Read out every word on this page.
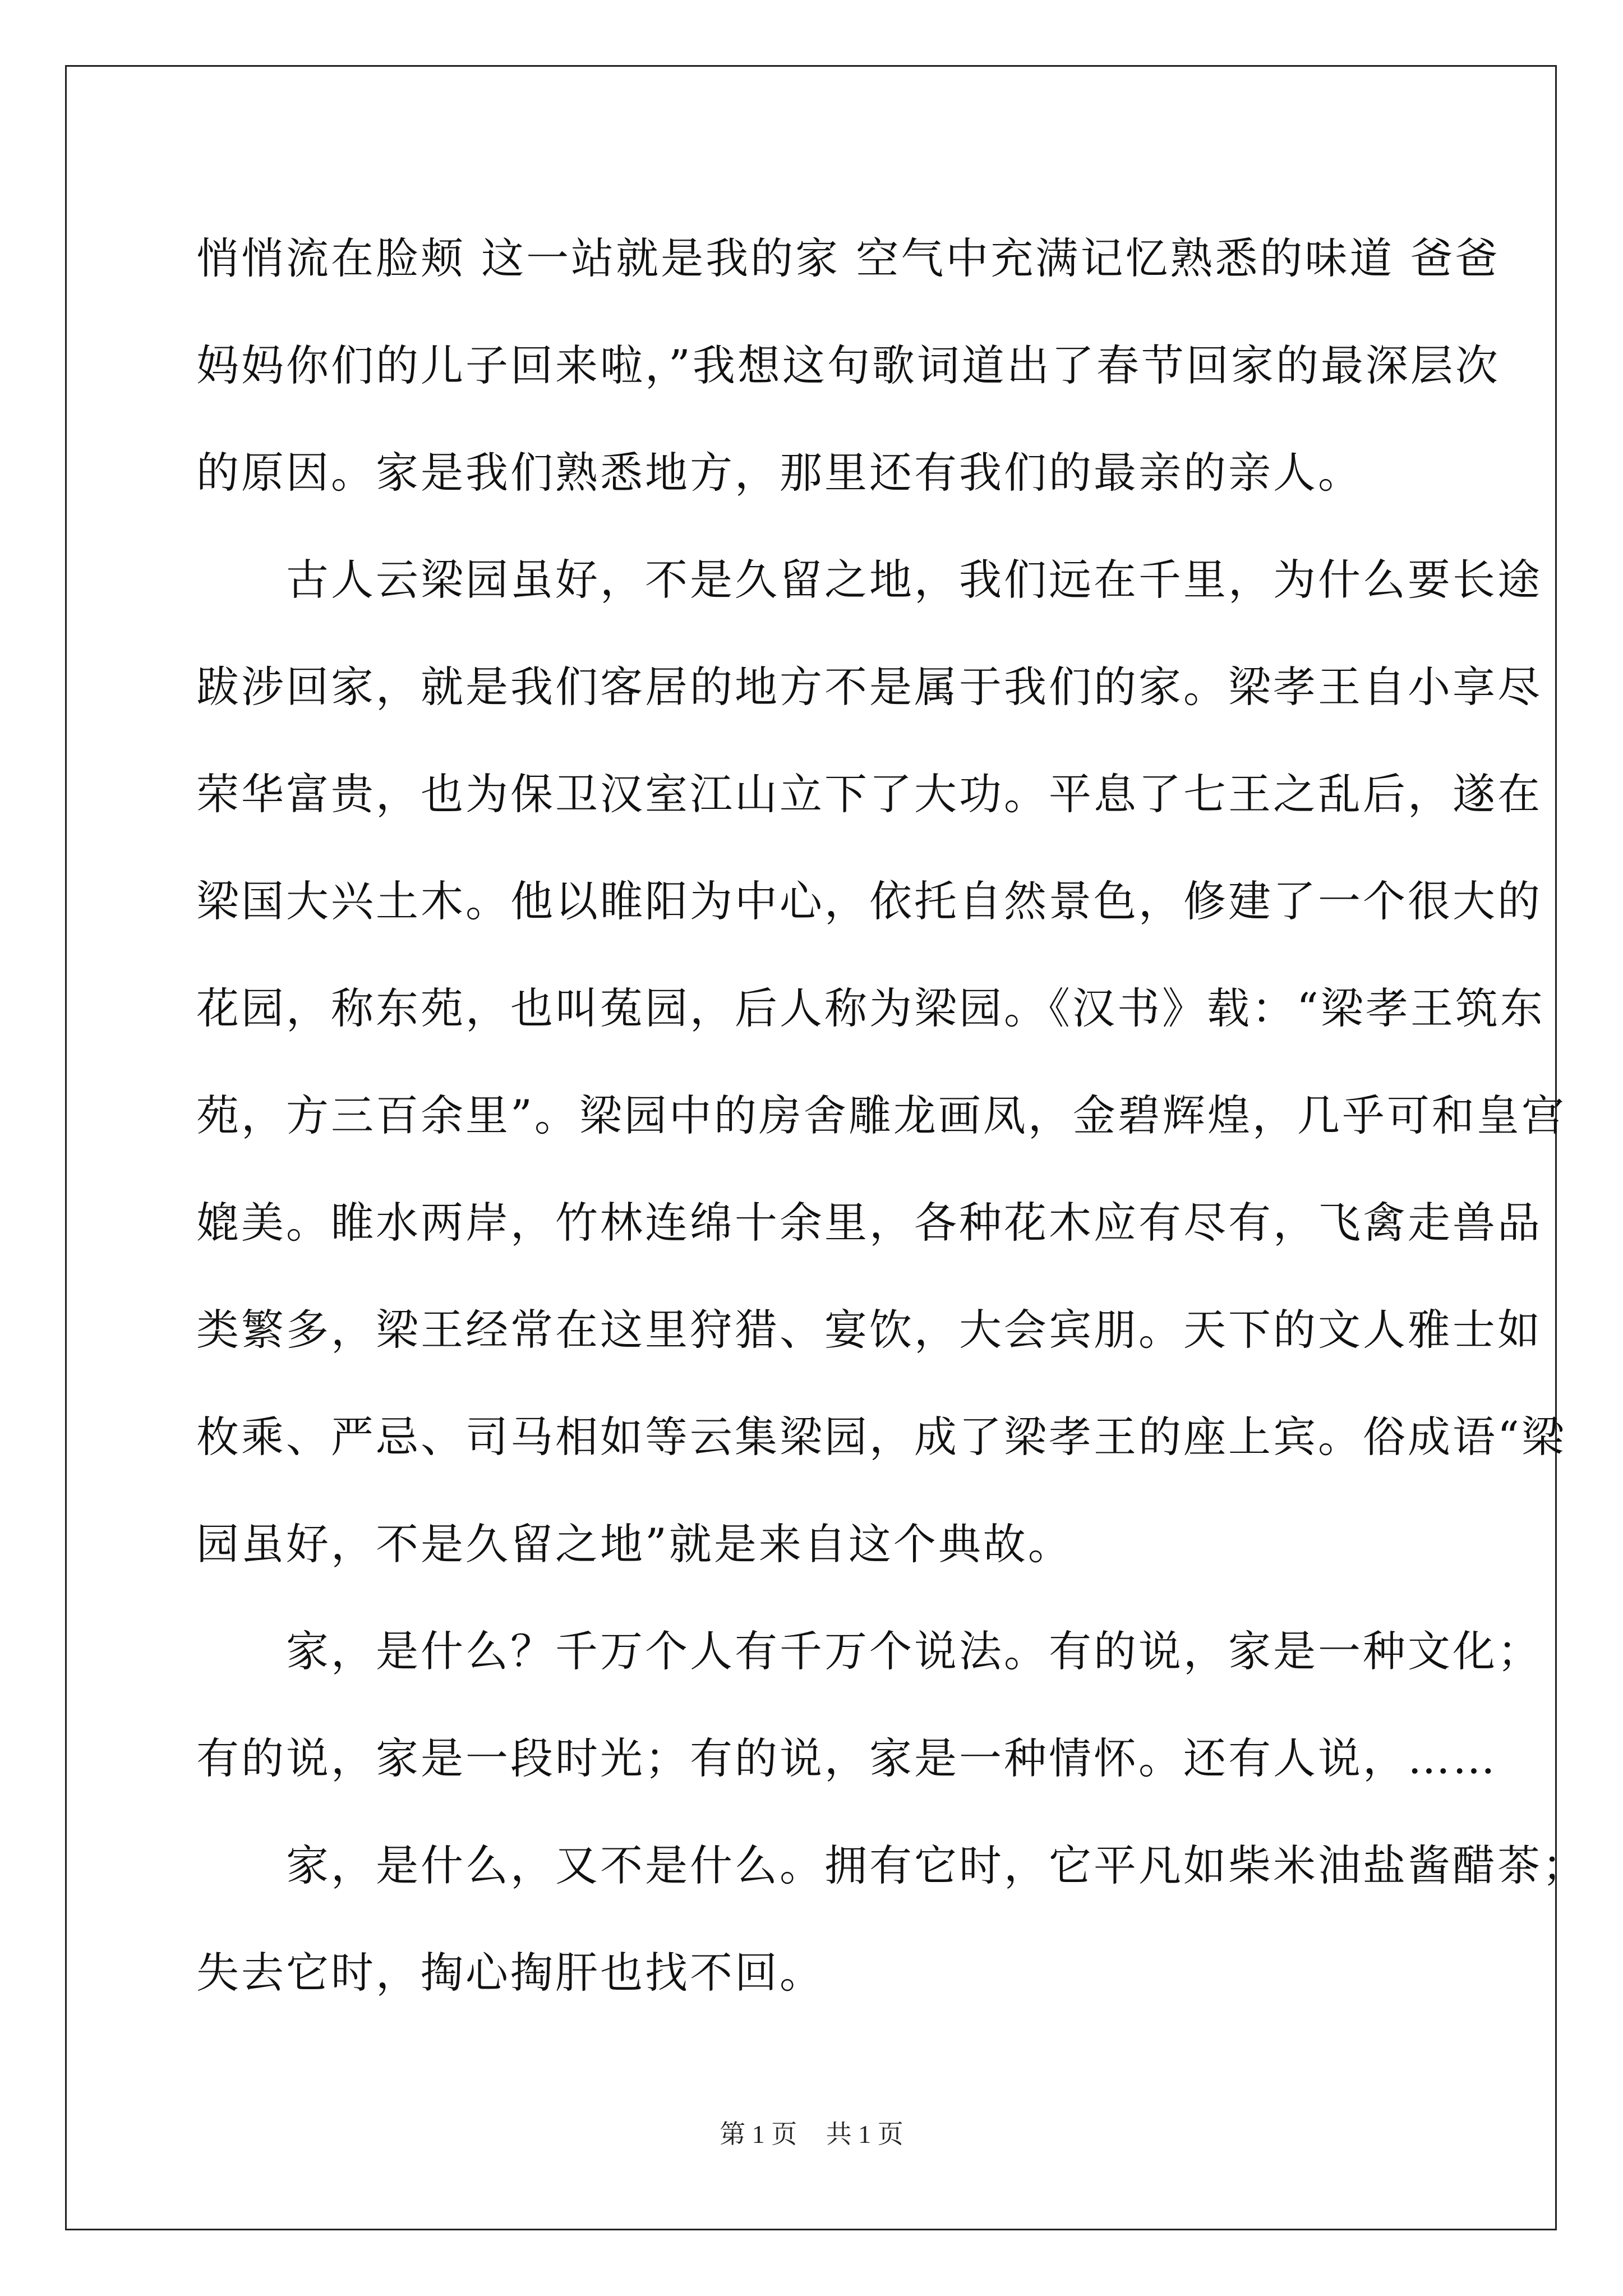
悄悄流在脸颊 这一站就是我的家 空气中充满记忆熟悉的味道 爸爸
妈妈你们的儿子回来啦，”我想这句歌词道出了春节回家的最深层次
的原因。家是我们熟悉地方，那里还有我们的最亲的亲人。
古人云梁园虽好，不是久留之地，我们远在千里，为什么要长途
跋涉回家，就是我们客居的地方不是属于我们的家。梁孝王自小享尽
荣华富贵，也为保卫汉室江山立下了大功。平息了七王之乱后，遂在
梁国大兴土木。他以睢阳为中心，依托自然景色，修建了一个很大的
花园，称东苑，也叫菟园，后人称为梁园。《汉书》载：“梁孝王筑东
苑，方三百余里”。梁园中的房舍雕龙画凤，金碧辉煌，几乎可和皇宫
媲美。睢水两岸，竹林连绵十余里，各种花木应有尽有，飞禽走兽品
类繁多，梁王经常在这里狩猎、宴饮，大会宾朋。天下的文人雅士如
枚乘、严忌、司马相如等云集梁园，成了梁孝王的座上宾。俗成语“梁
园虽好，不是久留之地”就是来自这个典故。
家，是什么？千万个人有千万个说法。有的说，家是一种文化；
有的说，家是一段时光；有的说，家是一种情怀。还有人说，……
家，是什么，又不是什么。拥有它时，它平凡如柴米油盐酱醋茶；
失去它时，掏心掏肝也找不回。
第 1 页 共 1 页
